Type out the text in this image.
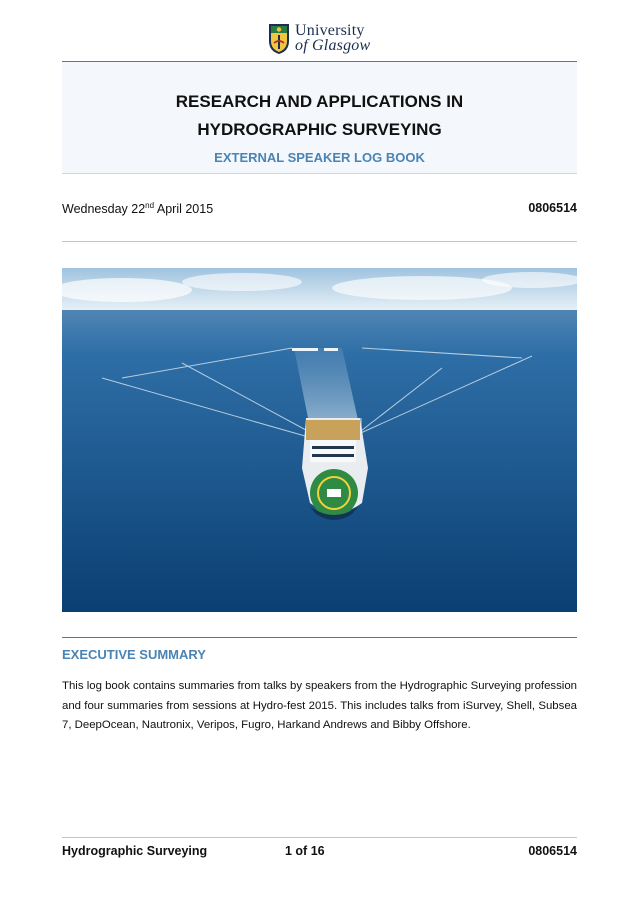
University
of Glasgow
RESEARCH AND APPLICATIONS IN
HYDROGRAPHIC SURVEYING
EXTERNAL SPEAKER LOG BOOK
Wednesday 22nd April 2015	0806514
EXECUTIVE SUMMARY
This log book contains summaries from talks by speakers from the Hydrographic Surveying profession and four summaries from sessions at Hydro-fest 2015. This includes talks from iSurvey, Shell, Subsea 7, DeepOcean, Nautronix, Veripos, Fugro, Harkand Andrews and Bibby Offshore.
Hydrographic Surveying	1 of 16	0806514
